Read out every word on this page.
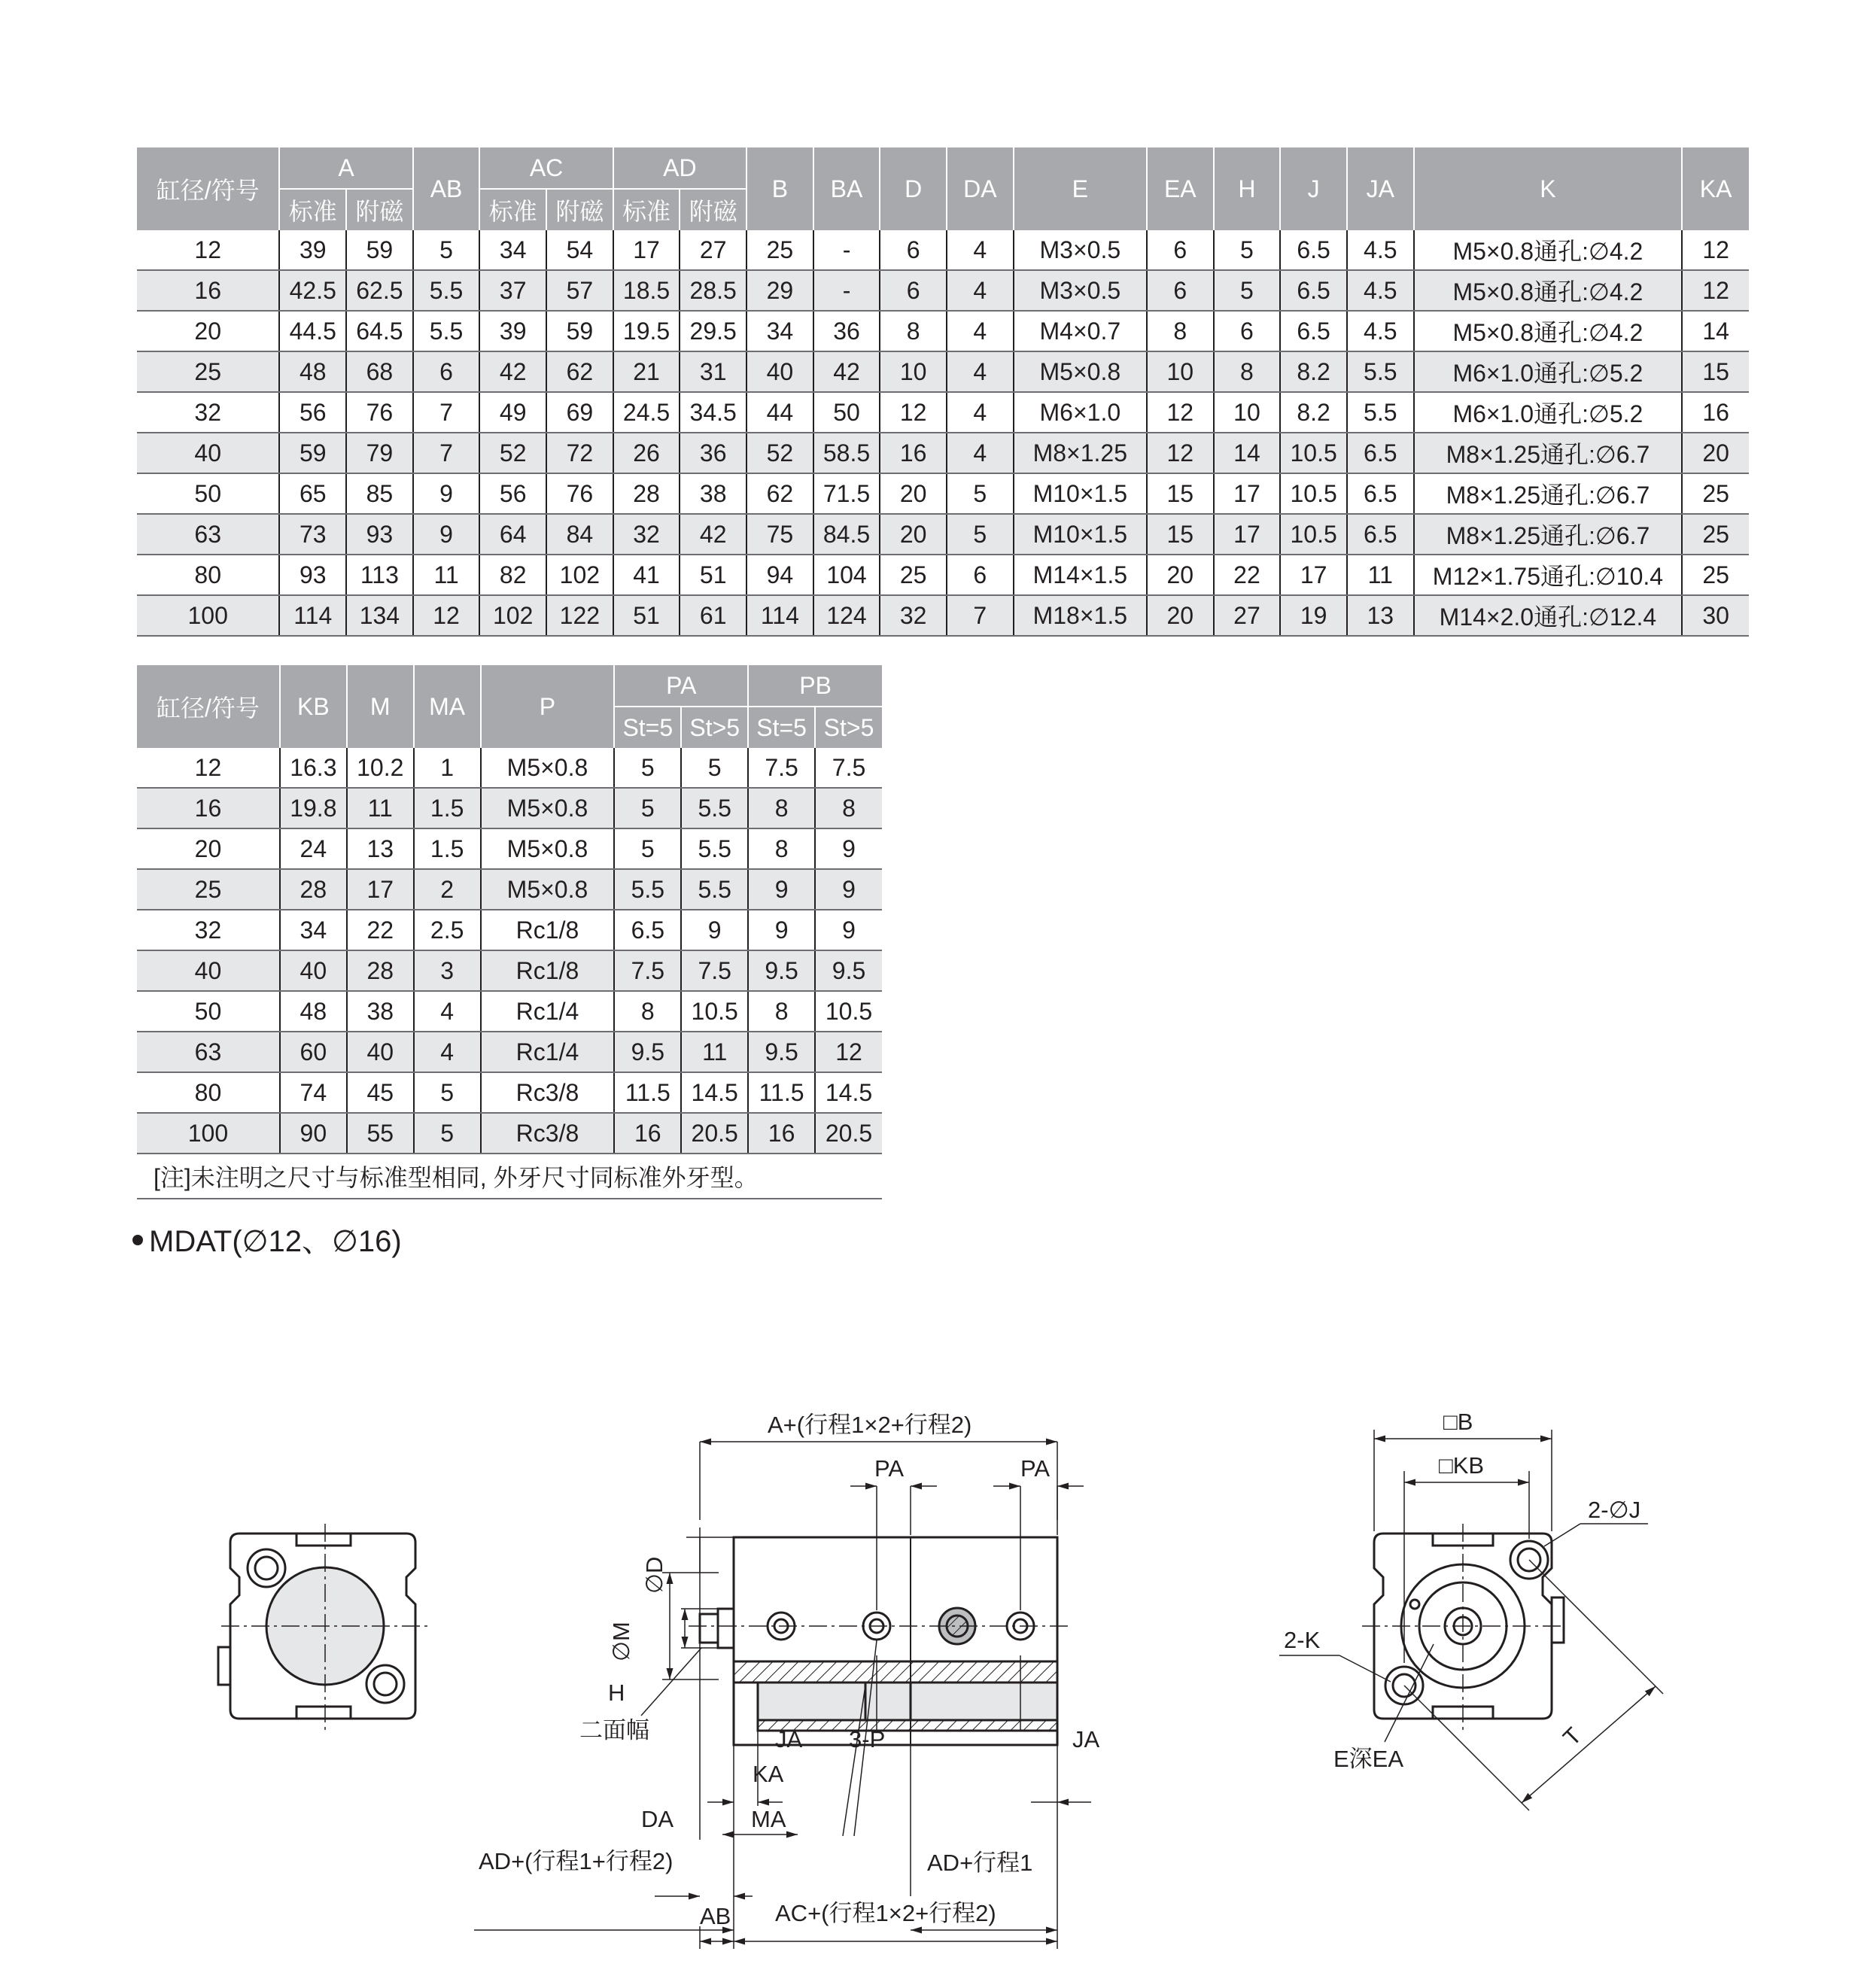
缸径/符号	A		AB	AC		AD		B	BA	D	DA	E	EA	H	J	JA	K	KA
	标准	附磁		标准	附磁	标准	附磁											
12	39	59	5	34	54	17	27	25	-	6	4	M3×0.5	6	5	6.5	4.5	M5×0.8通孔:∅4.2	12
16	42.5	62.5	5.5	37	57	18.5	28.5	29	-	6	4	M3×0.5	6	5	6.5	4.5	M5×0.8通孔:∅4.2	12
20	44.5	64.5	5.5	39	59	19.5	29.5	34	36	8	4	M4×0.7	8	6	6.5	4.5	M5×0.8通孔:∅4.2	14
25	48	68	6	42	62	21	31	40	42	10	4	M5×0.8	10	8	8.2	5.5	M6×1.0通孔:∅5.2	15
32	56	76	7	49	69	24.5	34.5	44	50	12	4	M6×1.0	12	10	8.2	5.5	M6×1.0通孔:∅5.2	16
40	59	79	7	52	72	26	36	52	58.5	16	4	M8×1.25	12	14	10.5	6.5	M8×1.25通孔:∅6.7	20
50	65	85	9	56	76	28	38	62	71.5	20	5	M10×1.5	15	17	10.5	6.5	M8×1.25通孔:∅6.7	25
63	73	93	9	64	84	32	42	75	84.5	20	5	M10×1.5	15	17	10.5	6.5	M8×1.25通孔:∅6.7	25
80	93	113	11	82	102	41	51	94	104	25	6	M14×1.5	20	22	17	11	M12×1.75通孔:∅10.4	25
100	114	134	12	102	122	51	61	114	124	32	7	M18×1.5	20	27	19	13	M14×2.0通孔:∅12.4	30
缸径/符号	KB	M	MA	P	PA		PB	
					St=5	St>5	St=5	St>5
12	16.3	10.2	1	M5×0.8	5	5	7.5	7.5
16	19.8	11	1.5	M5×0.8	5	5.5	8	8
20	24	13	1.5	M5×0.8	5	5.5	8	9
25	28	17	2	M5×0.8	5.5	5.5	9	9
32	34	22	2.5	Rc1/8	6.5	9	9	9
40	40	28	3	Rc1/8	7.5	7.5	9.5	9.5
50	48	38	4	Rc1/4	8	10.5	8	10.5
63	60	40	4	Rc1/4	9.5	11	9.5	12
80	74	45	5	Rc3/8	11.5	14.5	11.5	14.5
100	90	55	5	Rc3/8	16	20.5	16	20.5
[注]未注明之尺寸与标准型相同, 外牙尺寸同标准外牙型。								
MDAT(∅12、∅16)
A+(行程1×2+行程2)
PA	PA
∅D
∅M
H
二面幅	JA 3-P	JA
KA
DA	MA
AD+(行程1+行程2)	AD+行程1
AB AC+(行程1×2+行程2)
□B
□KB
2-∅J
2-K
E深EA
T
